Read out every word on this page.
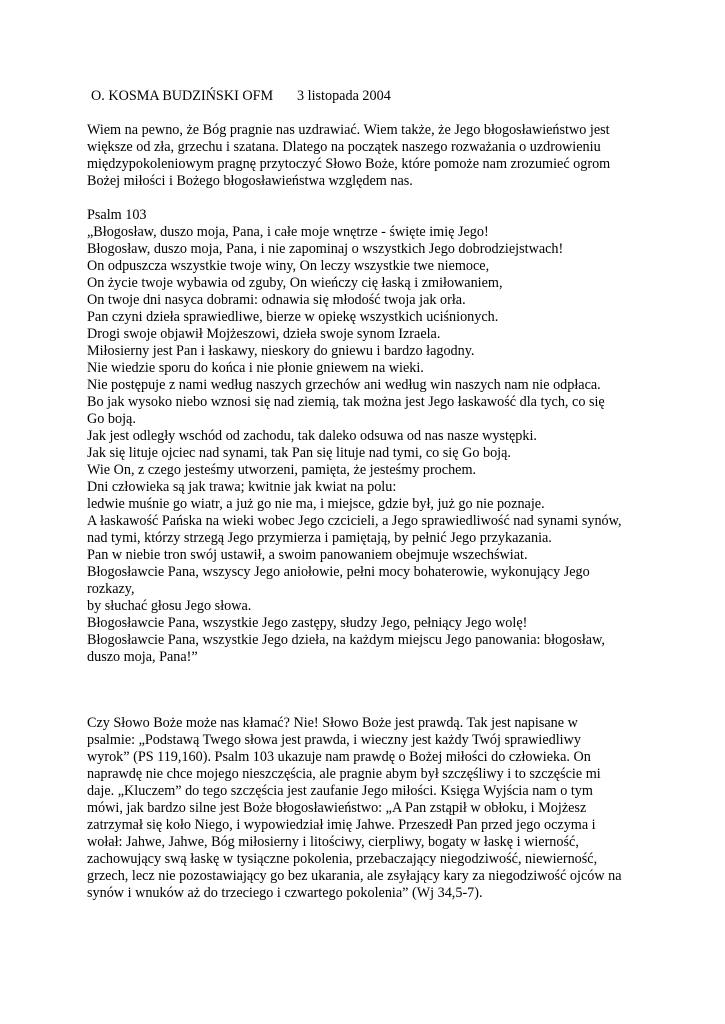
O. KOSMA BUDZIŃSKI OFM 3 listopada 2004
Wiem na pewno, że Bóg pragnie nas uzdrawiać. Wiem także, że Jego błogosławieństwo jest
większe od zła, grzechu i szatana. Dlatego na początek naszego rozważania o uzdrowieniu
międzypokoleniowym pragnę przytoczyć Słowo Boże, które pomoże nam zrozumieć ogrom
Bożej miłości i Bożego błogosławieństwa względem nas.
Psalm 103
„Błogosław, duszo moja, Pana, i całe moje wnętrze - święte imię Jego!
Błogosław, duszo moja, Pana, i nie zapominaj o wszystkich Jego dobrodziejstwach!
On odpuszcza wszystkie twoje winy, On leczy wszystkie twe niemoce,
On życie twoje wybawia od zguby, On wieńczy cię łaską i zmiłowaniem,
On twoje dni nasyca dobrami: odnawia się młodość twoja jak orła.
Pan czyni dzieła sprawiedliwe, bierze w opiekę wszystkich uciśnionych.
Drogi swoje objawił Mojżeszowi, dzieła swoje synom Izraela.
Miłosierny jest Pan i łaskawy, nieskory do gniewu i bardzo łagodny.
Nie wiedzie sporu do końca i nie płonie gniewem na wieki.
Nie postępuje z nami według naszych grzechów ani według win naszych nam nie odpłaca.
Bo jak wysoko niebo wznosi się nad ziemią, tak można jest Jego łaskawość dla tych, co się
Go boją.
Jak jest odległy wschód od zachodu, tak daleko odsuwa od nas nasze występki.
Jak się lituje ojciec nad synami, tak Pan się lituje nad tymi, co się Go boją.
Wie On, z czego jesteśmy utworzeni, pamięta, że jesteśmy prochem.
Dni człowieka są jak trawa; kwitnie jak kwiat na polu:
ledwie muśnie go wiatr, a już go nie ma, i miejsce, gdzie był, już go nie poznaje.
A łaskawość Pańska na wieki wobec Jego czcicieli, a Jego sprawiedliwość nad synami synów,
nad tymi, którzy strzegą Jego przymierza i pamiętają, by pełnić Jego przykazania.
Pan w niebie tron swój ustawił, a swoim panowaniem obejmuje wszechświat.
Błogosławcie Pana, wszyscy Jego aniołowie, pełni mocy bohaterowie, wykonujący Jego
rozkazy,
by słuchać głosu Jego słowa.
Błogosławcie Pana, wszystkie Jego zastępy, słudzy Jego, pełniący Jego wolę!
Błogosławcie Pana, wszystkie Jego dzieła, na każdym miejscu Jego panowania: błogosław,
duszo moja, Pana!”
Czy Słowo Boże może nas kłamać? Nie! Słowo Boże jest prawdą. Tak jest napisane w
psalmie: „Podstawą Twego słowa jest prawda, i wieczny jest każdy Twój sprawiedliwy
wyrok” (PS 119,160). Psalm 103 ukazuje nam prawdę o Bożej miłości do człowieka. On
naprawdę nie chce mojego nieszczęścia, ale pragnie abym był szczęśliwy i to szczęście mi
daje. „Kluczem” do tego szczęścia jest zaufanie Jego miłości. Księga Wyjścia nam o tym
mówi, jak bardzo silne jest Boże błogosławieństwo: „A Pan zstąpił w obłoku, i Mojżesz
zatrzymał się koło Niego, i wypowiedział imię Jahwe. Przeszedł Pan przed jego oczyma i
wołał: Jahwe, Jahwe, Bóg miłosierny i litościwy, cierpliwy, bogaty w łaskę i wierność,
zachowujący swą łaskę w tysiączne pokolenia, przebaczający niegodziwość, niewierność,
grzech, lecz nie pozostawiający go bez ukarania, ale zsyłający kary za niegodziwość ojców na
synów i wnuków aż do trzeciego i czwartego pokolenia” (Wj 34,5-7).
